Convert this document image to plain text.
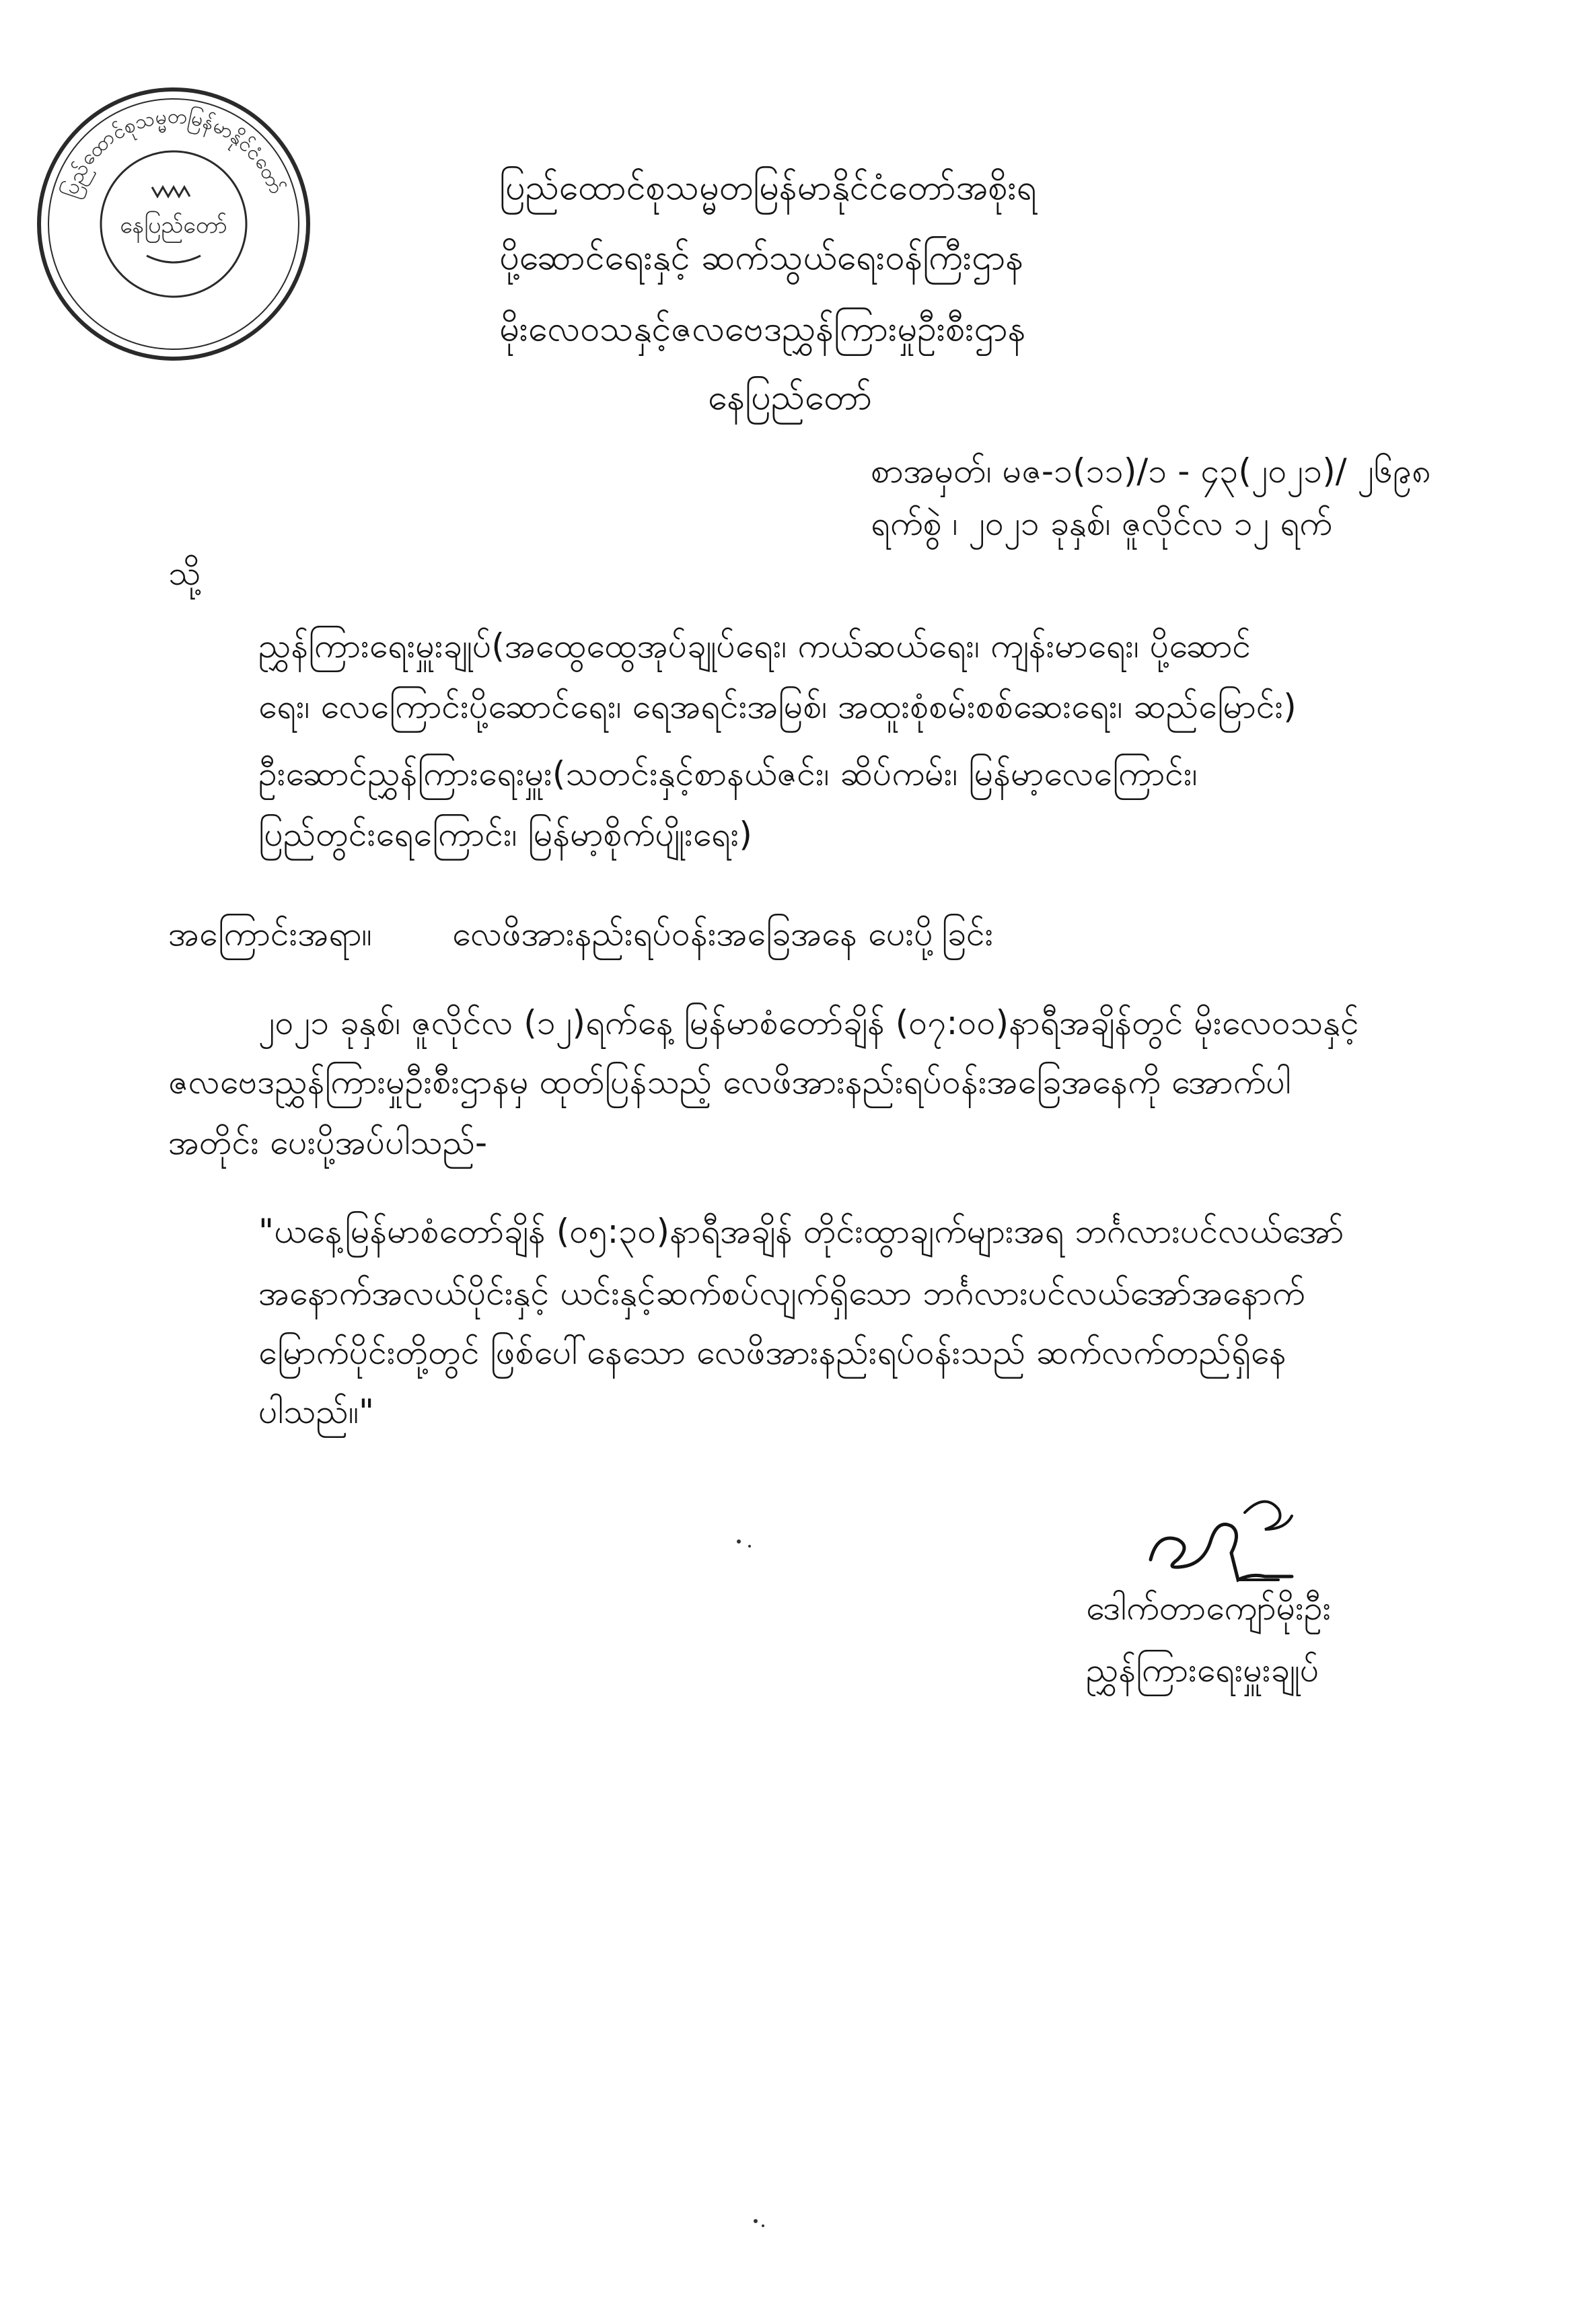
ပြည်ထောင်စုသမ္မတမြန်မာနိုင်ငံတော်
နေပြည်တော်
ပြည်ထောင်စုသမ္မတမြန်မာနိုင်ငံတော်အစိုးရ
ပို့ဆောင်ရေးနှင့် ဆက်သွယ်ရေးဝန်ကြီးဌာန
မိုးလေဝသနှင့်ဇလဗေဒညွှန်ကြားမှုဦးစီးဌာန
နေပြည်တော်
စာအမှတ်၊ မဇ-၁(၁၁)/၁ - ၄၃(၂၀၂၁)/ ၂၆၉၈
ရက်စွဲ ၊ ၂၀၂၁ ခုနှစ်၊ ဇူလိုင်လ ၁၂ ရက်
သို့
ညွှန်ကြားရေးမှူးချုပ်(အထွေထွေအုပ်ချုပ်ရေး၊ ကယ်ဆယ်ရေး၊ ကျန်းမာရေး၊ ပို့ဆောင်
ရေး၊ လေကြောင်းပို့ဆောင်ရေး၊ ရေအရင်းအမြစ်၊ အထူးစုံစမ်းစစ်ဆေးရေး၊ ဆည်မြောင်း)
ဦးဆောင်ညွှန်ကြားရေးမှူး(သတင်းနှင့်စာနယ်ဇင်း၊ ဆိပ်ကမ်း၊ မြန်မာ့လေကြောင်း၊
ပြည်တွင်းရေကြောင်း၊ မြန်မာ့စိုက်ပျိုးရေး)
အကြောင်းအရာ။ လေဖိအားနည်းရပ်ဝန်းအခြေအနေ ပေးပို့ခြင်း
၂၀၂၁ ခုနှစ်၊ ဇူလိုင်လ (၁၂)ရက်နေ့ မြန်မာစံတော်ချိန် (၀၇:၀၀)နာရီအချိန်တွင် မိုးလေဝသနှင့်
ဇလဗေဒညွှန်ကြားမှုဦးစီးဌာနမှ ထုတ်ပြန်သည့် လေဖိအားနည်းရပ်ဝန်းအခြေအနေကို အောက်ပါ
အတိုင်း ပေးပို့အပ်ပါသည်-
"ယနေ့မြန်မာစံတော်ချိန် (၀၅:၃၀)နာရီအချိန် တိုင်းထွာချက်များအရ ဘင်္ဂလားပင်လယ်အော်
အနောက်အလယ်ပိုင်းနှင့် ယင်းနှင့်ဆက်စပ်လျက်ရှိသော ဘင်္ဂလားပင်လယ်အော်အနောက်
မြောက်ပိုင်းတို့တွင် ဖြစ်ပေါ်နေသော လေဖိအားနည်းရပ်ဝန်းသည် ဆက်လက်တည်ရှိနေ
ပါသည်။"
ဒေါက်တာကျော်မိုးဦး
ညွှန်ကြားရေးမှူးချုပ်
